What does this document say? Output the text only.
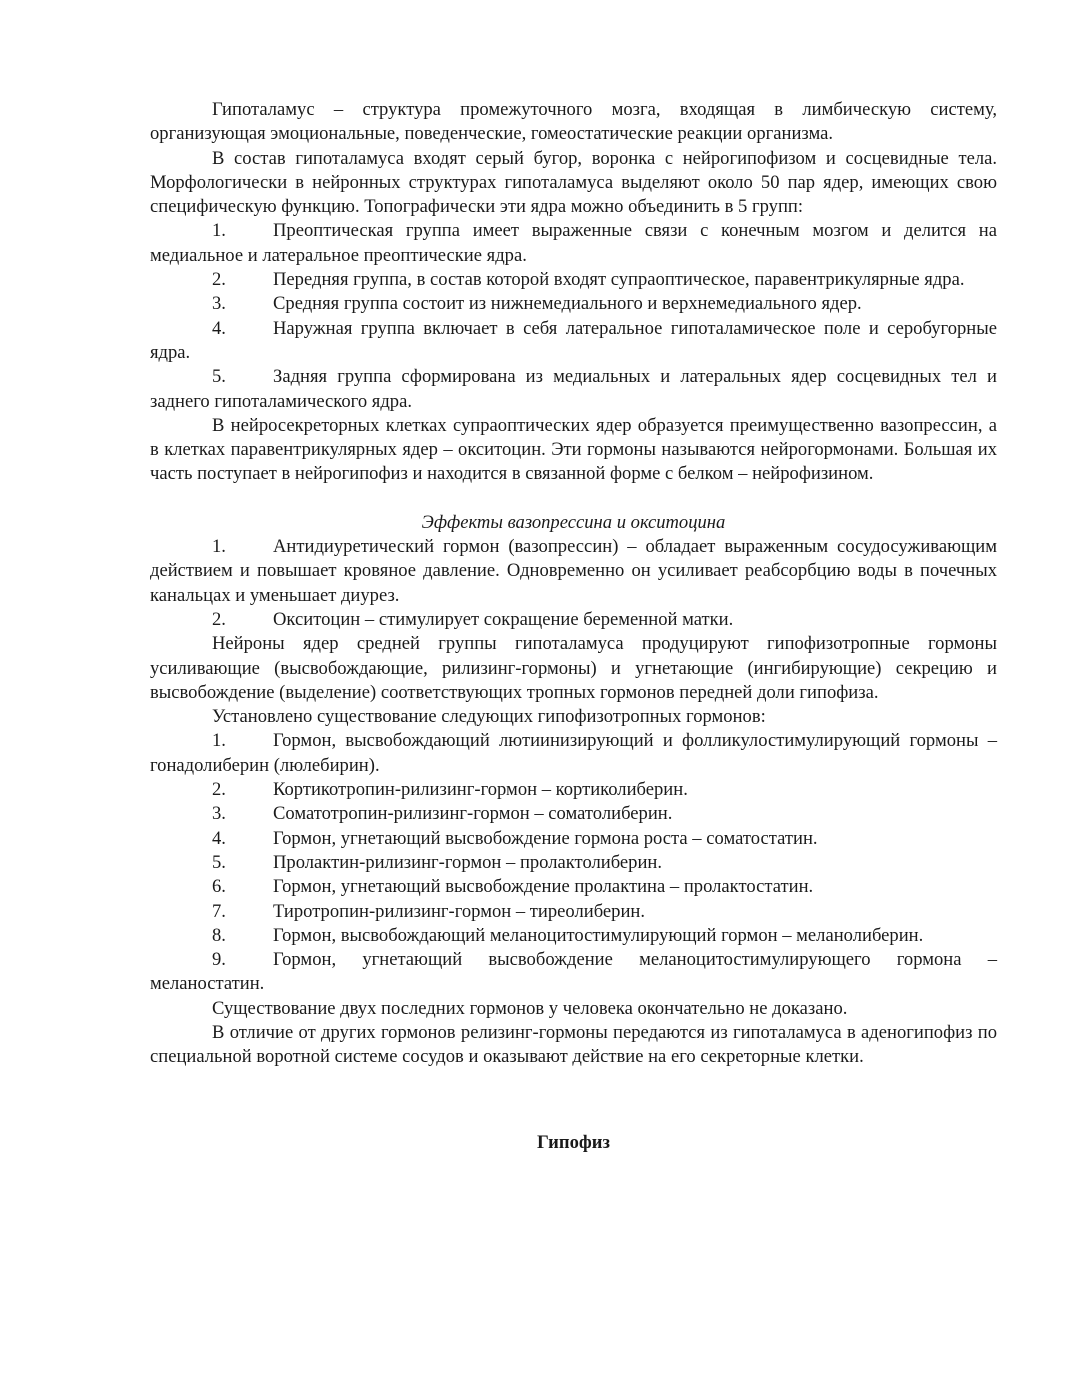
Гипоталамус – структура промежуточного мозга, входящая в лимбическую систему, организующая эмоциональные, поведенческие, гомеостатические реакции организма.

В состав гипоталамуса входят серый бугор, воронка с нейрогипофизом и сосцевидные тела. Морфологически в нейронных структурах гипоталамуса выделяют около 50 пар ядер, имеющих свою специфическую функцию. Топографически эти ядра можно объединить в 5 групп:

1.	Преоптическая группа имеет выраженные связи с конечным мозгом и делится на медиальное и латеральное преоптические ядра.

2.	Передняя группа, в состав которой входят супраоптическое, паравентрикулярные ядра.

3.	Средняя группа состоит из нижнемедиального и верхнемедиального ядер.

4.	Наружная группа включает в себя латеральное гипоталамическое поле и серобугорные ядра.

5.	Задняя группа сформирована из медиальных и латеральных ядер сосцевидных тел и заднего гипоталамического ядра.

В нейросекреторных клетках супраоптических ядер образуется преимущественно вазопрессин, а в клетках паравентрикулярных ядер – окситоцин. Эти гормоны называются нейрогормонами. Большая их часть поступает в нейрогипофиз и находится в связанной форме с белком – нейрофизином.

Эффекты вазопрессина и окситоцина

1.	Антидиуретический гормон (вазопрессин) – обладает выраженным сосудосуживающим действием и повышает кровяное давление. Одновременно он усиливает реабсорбцию воды в почечных канальцах и уменьшает диурез.

2.	Окситоцин – стимулирует сокращение беременной матки.

Нейроны ядер средней группы гипоталамуса продуцируют гипофизотропные гормоны усиливающие (высвобождающие, рилизинг-гормоны) и угнетающие (ингибирующие) секрецию и высвобождение (выделение) соответствующих тропных гормонов передней доли гипофиза.

Установлено существование следующих гипофизотропных гормонов:

1.	Гормон, высвобождающий лютиинизирующий и фолликулостимулирующий гормоны – гонадолиберин (люлебирин).

2.	Кортикотропин-рилизинг-гормон – кортиколиберин.

3.	Соматотропин-рилизинг-гормон – соматолиберин.

4.	Гормон, угнетающий высвобождение гормона роста – соматостатин.

5.	Пролактин-рилизинг-гормон – пролактолиберин.

6.	Гормон, угнетающий высвобождение пролактина – пролактостатин.

7.	Тиротропин-рилизинг-гормон – тиреолиберин.

8.	Гормон, высвобождающий меланоцитостимулирующий гормон – меланолиберин.

9.	Гормон, угнетающий высвобождение меланоцитостимулирующего гормона – меланостатин.

Существование двух последних гормонов у человека окончательно не доказано.

В отличие от других гормонов релизинг-гормоны передаются из гипоталамуса в аденогипофиз по специальной воротной системе сосудов и оказывают действие на его секреторные клетки.

Гипофиз
